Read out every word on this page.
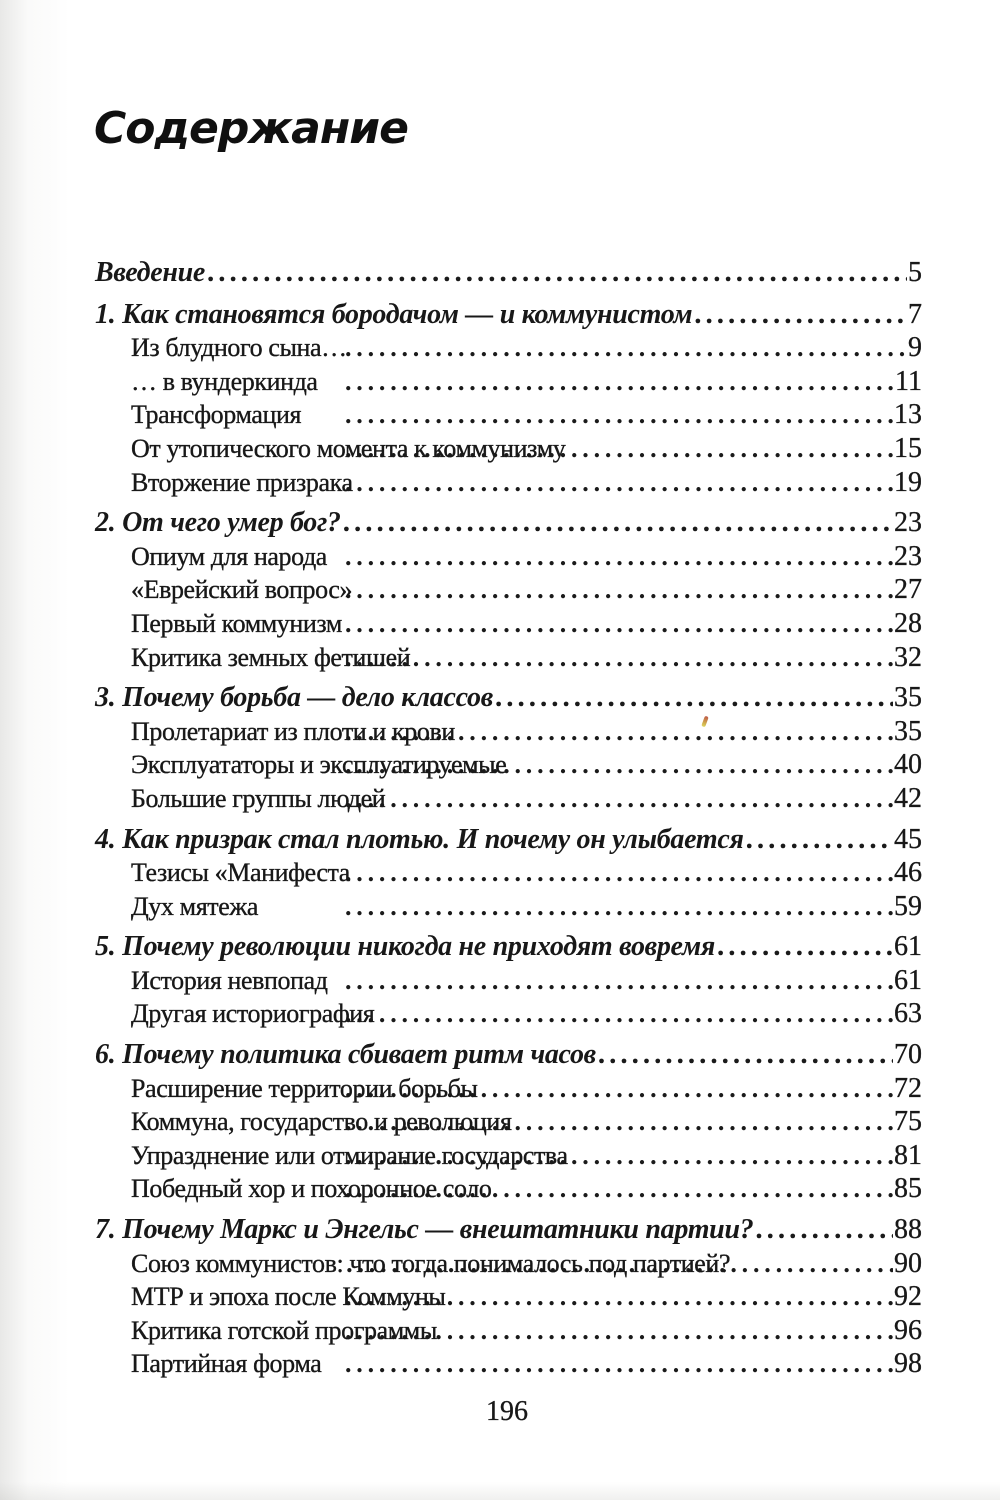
Содержание
Введение .....	5
1. Как становятся бородачом — и коммунистом .....	7
Из блудного сына… .....	9
… в вундеркинда .....	11
Трансформация .....	13
От утопического момента к коммунизму .....	15
Вторжение призрака .....	19
2. От чего умер бог? .....	23
Опиум для народа .....	23
«Еврейский вопрос» .....	27
Первый коммунизм .....	28
Критика земных фетишей .....	32
3. Почему борьба — дело классов .....	35
Пролетариат из плоти и крови .....	35
Эксплуататоры и эксплуатируемые .....	40
Большие группы людей .....	42
4. Как призрак стал плотью. И почему он улыбается .....	45
Тезисы «Манифеста .....	46
Дух мятежа .....	59
5. Почему революции никогда не приходят вовремя .....	61
История невпопад .....	61
Другая историография .....	63
6. Почему политика сбивает ритм часов .....	70
Расширение территории борьбы .....	72
Коммуна, государство и революция .....	75
Упразднение или отмирание государства .....	81
Победный хор и похоронное соло .....	85
7. Почему Маркс и Энгельс — внештатники партии? .....	88
Союз коммунистов: что тогда понималось под партией? .....	90
МТР и эпоха после Коммуны .....	92
Критика готской программы .....	96
Партийная форма .....	98
196
